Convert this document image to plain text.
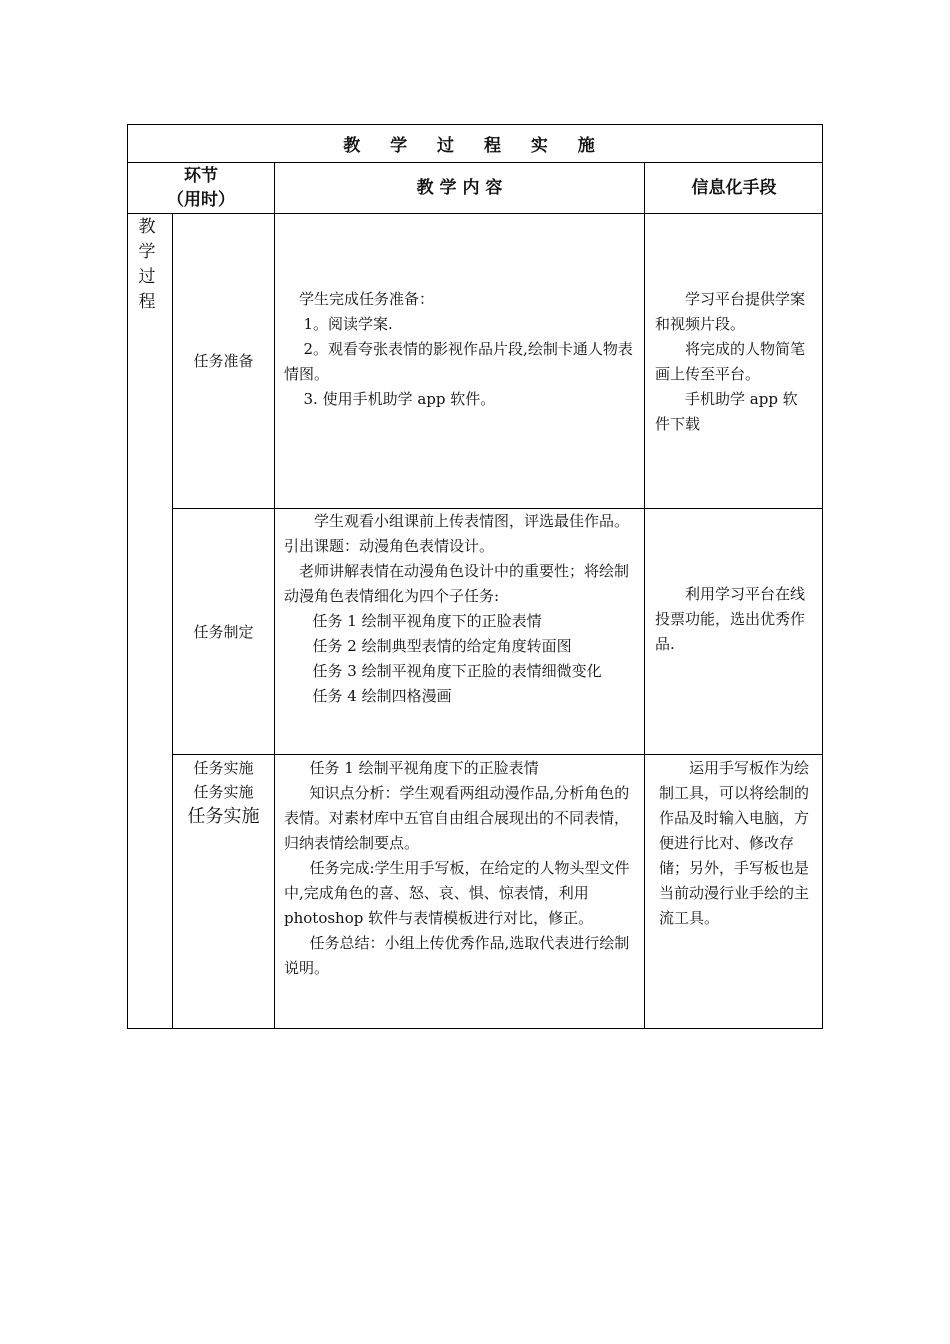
教 学 过 程 实 施
环节
（用时）
教 学 内 容	信息化手段
教
学
过
程
任务准备

学生完成任务准备：

1。阅读学案.

2。观看夸张表情的影视作品片段,绘制卡通人物表情图。

3. 使用手机助学 app 软件。

学习平台提供学案和视频片段。

将完成的人物简笔画上传至平台。

手机助学 app 软件下载

任务制定

学生观看小组课前上传表情图，评选最佳作品。引出课题：动漫角色表情设计。

老师讲解表情在动漫角色设计中的重要性；将绘制动漫角色表情细化为四个子任务:

任务 1 绘制平视角度下的正脸表情

任务 2 绘制典型表情的给定角度转面图

任务 3 绘制平视角度下正脸的表情细微变化

任务 4 绘制四格漫画

利用学习平台在线投票功能，选出优秀作品.

任务实施
任务实施
任务实施

任务 1 绘制平视角度下的正脸表情

知识点分析：学生观看两组动漫作品,分析角色的表情。对素材库中五官自由组合展现出的不同表情，归纳表情绘制要点。

任务完成:学生用手写板，在给定的人物头型文件中,完成角色的喜、怒、哀、惧、惊表情，利用 photoshop 软件与表情模板进行对比，修正。

任务总结：小组上传优秀作品,选取代表进行绘制说明。

运用手写板作为绘制工具，可以将绘制的作品及时输入电脑，方便进行比对、修改存储；另外，手写板也是当前动漫行业手绘的主流工具。
